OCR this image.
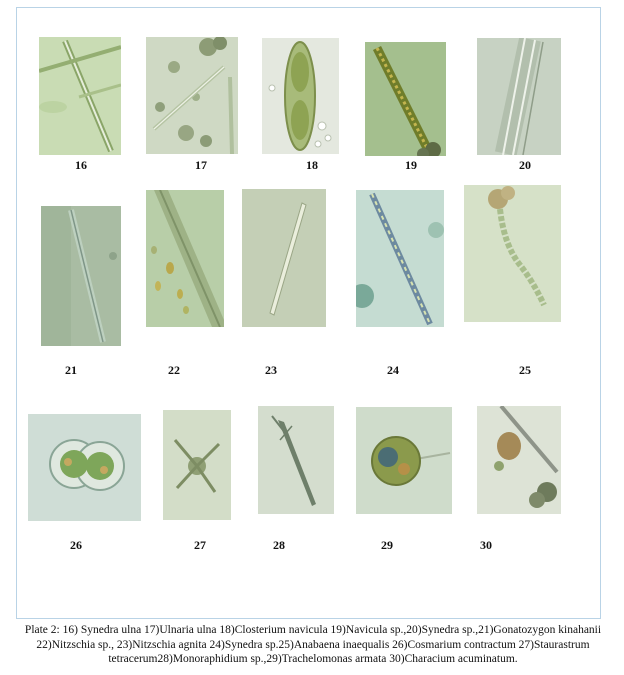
16	17	18	19	20
21	22	23	24	25
26	27	28	29	30
Plate 2: 16) Synedra ulna 17)Ulnaria ulna 18)Closterium navicula 19)Navicula sp.,20)Synedra sp.,21)Gonatozygon kinahanii
22)Nitzschia sp., 23)Nitzschia agnita 24)Synedra sp.25)Anabaena inaequalis 26)Cosmarium contractum 27)Staurastrum
tetracerum28)Monoraphidium sp.,29)Trachelomonas armata 30)Characium acuminatum.
